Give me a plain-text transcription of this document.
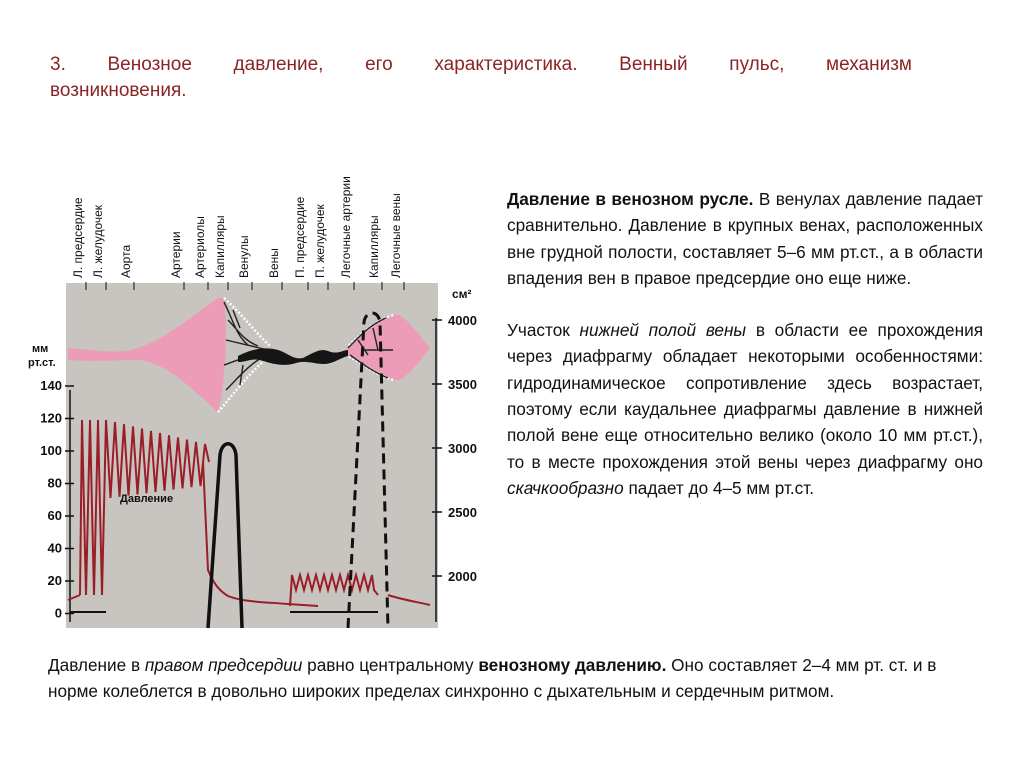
3. Венозное давление, его характеристика. Венный пульс, механизм
возникновения.
Л. предсердие Л. желудочек Аорта	Артерии Артериолы Капилляры Венулы Вены П. предсердие П. желудочек Легочные артерии Капилляры Легочные вены
мм
рт.ст.
140
120
100
80
60
40
20
0
см²
4000
3500
3000
2500
2000
Давление

Давление в венозном русле. В венулах давление падает сравнительно. Давление в крупных венах, расположенных вне грудной полости, составляет 5–6 мм рт.ст., а в области впадения вен в правое предсердие оно еще ниже.

Участок нижней полой вены в области ее прохождения через диафрагму обладает некоторыми особенностями: гидродинамическое сопротивление здесь возрастает, поэтому если каудальнее диафрагмы давление в нижней полой вене еще относительно велико (около 10 мм рт.ст.), то в месте прохождения этой вены через диафрагму оно скачкообразно падает до 4–5 мм рт.ст.

Давление в правом предсердии равно центральному венозному давлению. Оно составляет 2–4 мм рт. ст. и в норме колеблется в довольно широких пределах синхронно с дыхательным и сердечным ритмом.
